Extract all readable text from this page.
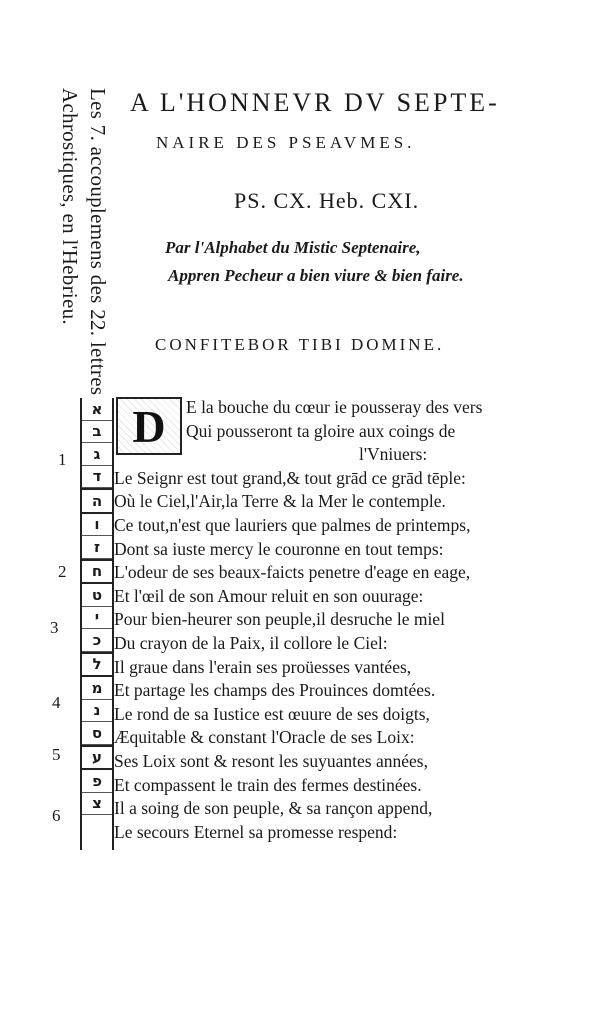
Les 7. accouplemens des 22. lettres
Achrostiques, en l'Hebrieu. A L'HONNEVR DV SEPTE-
NAIRE DES PSEAVMES.
PS. CX. Heb. CXI.
Par l'Alphabet du Mistic Septenaire,
Appren Pecheur a bien viure & bien faire.
CONFITEBOR TIBI DOMINE.
א
ב
ג
ד
ה
ו
ז
ח
ט
י
כ
ל
מ
נ
ס
ע
פ
צ
1
2
3
4
5
6
D	E la bouche du cœur ie pousseray des vers
Qui pousseront ta gloire aux coings de
l'Vniuers:
Le Seignr est tout grand,& tout grād ce grād tēple:
Où le Ciel,l'Air,la Terre & la Mer le contemple.
Ce tout,n'est que lauriers que palmes de printemps,
Dont sa iuste mercy le couronne en tout temps:
L'odeur de ses beaux-faicts penetre d'eage en eage,
Et l'œil de son Amour reluit en son ouurage:
Pour bien-heurer son peuple,il desruche le miel
Du crayon de la Paix, il collore le Ciel:
Il graue dans l'erain ses proüesses vantées,
Et partage les champs des Prouinces domtées.
Le rond de sa Iustice est œuure de ses doigts,
Æquitable & constant l'Oracle de ses Loix:
Ses Loix sont & resont les suyuantes années,
Et compassent le train des fermes destinées.
Il a soing de son peuple, & sa rançon append,
Le secours Eternel sa promesse respend:
